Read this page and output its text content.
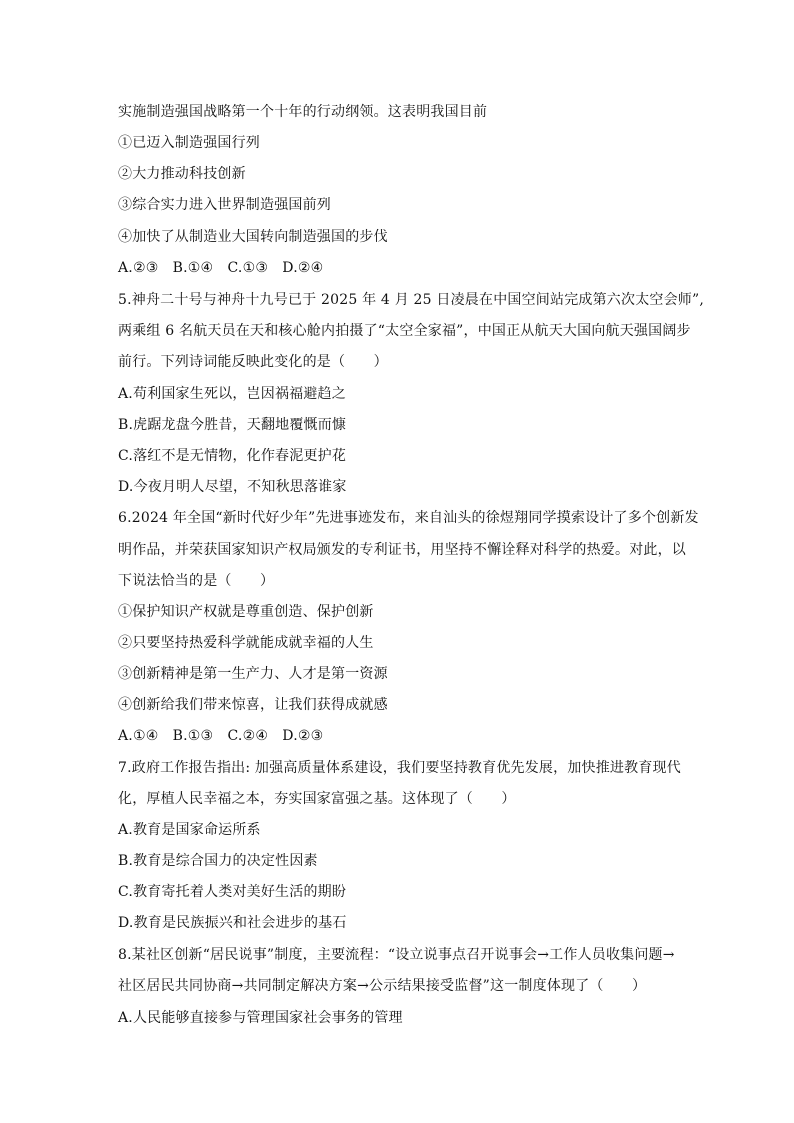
实施制造强国战略第一个十年的行动纲领。这表明我国目前
①已迈入制造强国行列
②大力推动科技创新
③综合实力进入世界制造强国前列
④加快了从制造业大国转向制造强国的步伐
A.②③　B.①④　C.①③　D.②④
5.神舟二十号与神舟十九号已于 2025 年 4 月 25 日凌晨在中国空间站完成第六次太空会师”,
两乘组 6 名航天员在天和核心舱内拍摄了“太空全家福”，中国正从航天大国向航天强国阔步
前行。下列诗词能反映此变化的是（　　）
A.苟利国家生死以，岂因祸福避趋之
B.虎踞龙盘今胜昔，天翻地覆慨而慷
C.落红不是无情物，化作春泥更护花
D.今夜月明人尽望，不知秋思落谁家
6.2024 年全国“新时代好少年”先进事迹发布，来自汕头的徐煜翔同学摸索设计了多个创新发
明作品，并荣获国家知识产权局颁发的专利证书，用坚持不懈诠释对科学的热爱。对此，以
下说法恰当的是（　　）
①保护知识产权就是尊重创造、保护创新
②只要坚持热爱科学就能成就幸福的人生
③创新精神是第一生产力、人才是第一资源
④创新给我们带来惊喜，让我们获得成就感
A.①④　B.①③　C.②④　D.②③
7.政府工作报告指出: 加强高质量体系建设，我们要坚持教育优先发展，加快推进教育现代
化，厚植人民幸福之本，夯实国家富强之基。这体现了（　　）
A.教育是国家命运所系
B.教育是综合国力的决定性因素
C.教育寄托着人类对美好生活的期盼
D.教育是民族振兴和社会进步的基石
8.某社区创新“居民说事”制度，主要流程：“设立说事点召开说事会→工作人员收集问题→
社区居民共同协商→共同制定解决方案→公示结果接受监督”这一制度体现了（　　）
A.人民能够直接参与管理国家社会事务的管理
